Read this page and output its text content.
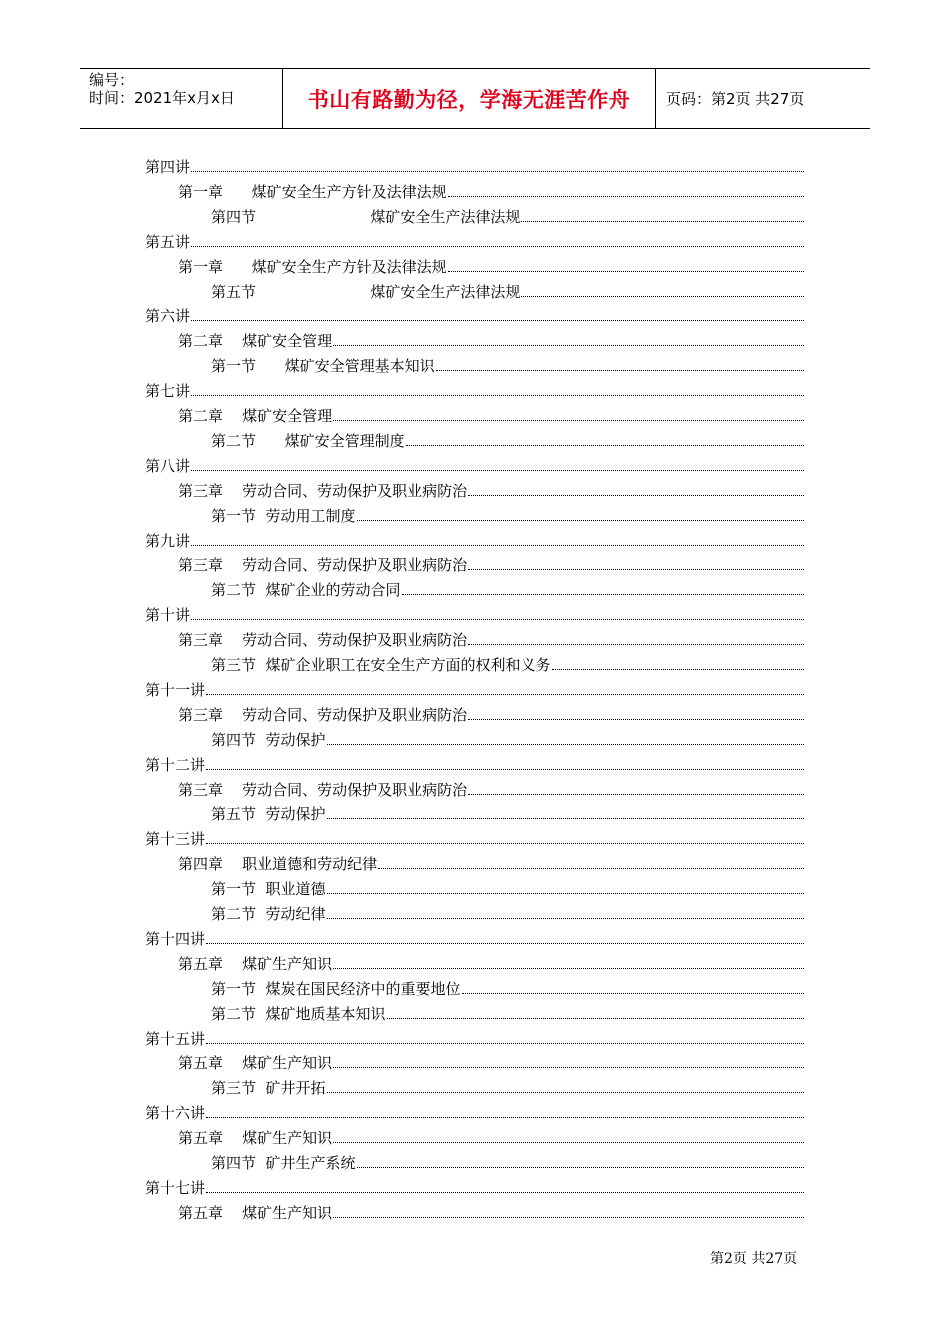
编号：
时间：2021年x月x日	书山有路勤为径，学海无涯苦作舟 页码：第2页 共27页
第四讲
第一章      煤矿安全生产方针及法律法规
第四节                        煤矿安全生产法律法规
第五讲
第一章      煤矿安全生产方针及法律法规
第五节                        煤矿安全生产法律法规
第六讲
第二章    煤矿安全管理
第一节      煤矿安全管理基本知识
第七讲
第二章    煤矿安全管理
第二节      煤矿安全管理制度
第八讲
第三章    劳动合同、劳动保护及职业病防治
第一节  劳动用工制度
第九讲
第三章    劳动合同、劳动保护及职业病防治
第二节  煤矿企业的劳动合同
第十讲
第三章    劳动合同、劳动保护及职业病防治
第三节  煤矿企业职工在安全生产方面的权利和义务
第十一讲
第三章    劳动合同、劳动保护及职业病防治
第四节  劳动保护
第十二讲
第三章    劳动合同、劳动保护及职业病防治
第五节  劳动保护
第十三讲
第四章    职业道德和劳动纪律
第一节  职业道德
第二节  劳动纪律
第十四讲
第五章    煤矿生产知识
第一节  煤炭在国民经济中的重要地位
第二节  煤矿地质基本知识
第十五讲
第五章    煤矿生产知识
第三节  矿井开拓
第十六讲
第五章    煤矿生产知识
第四节  矿井生产系统
第十七讲
第五章    煤矿生产知识
第2页 共27页
